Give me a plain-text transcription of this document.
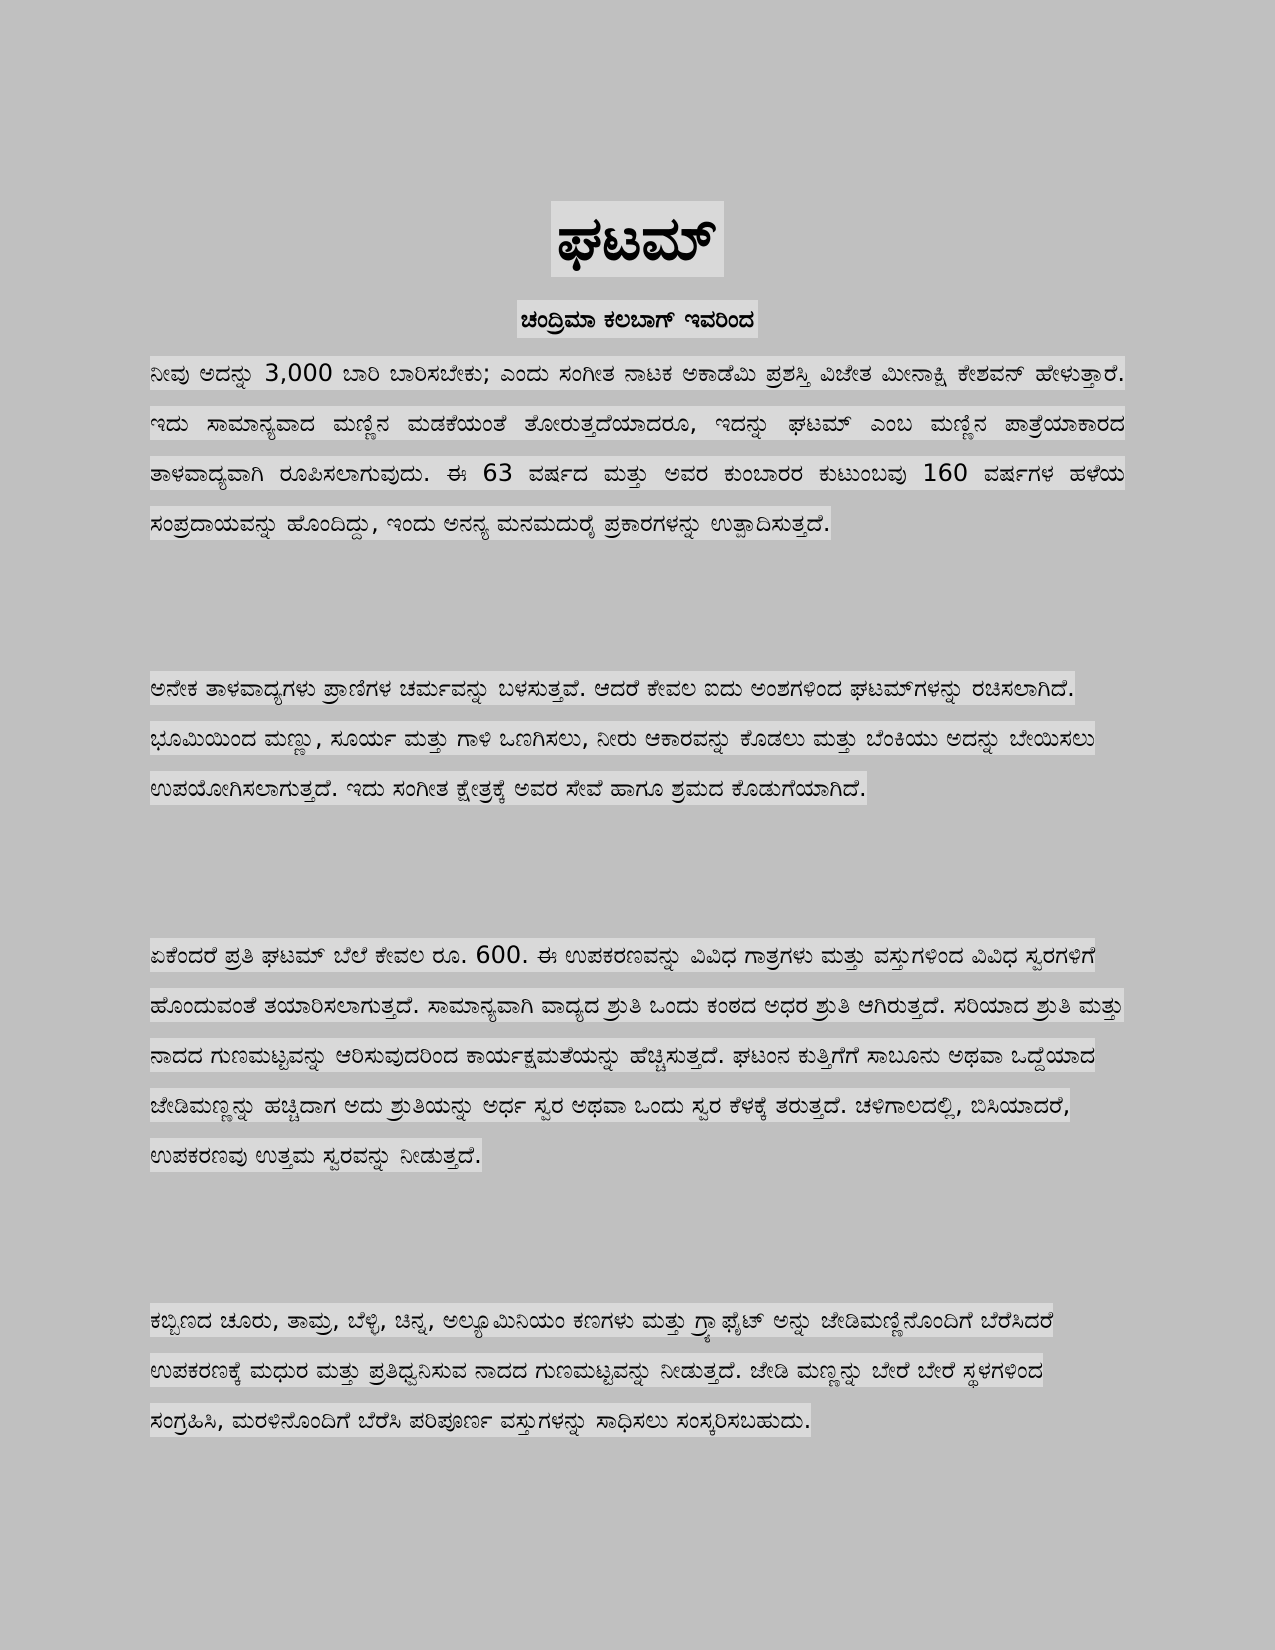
ಘಟಮ್
ಚಂದ್ರಿಮಾ ಕಲಬಾಗ್ ಇವರಿಂದ

ನೀವು ಅದನ್ನು 3,000 ಬಾರಿ ಬಾರಿಸಬೇಕು; ಎಂದು ಸಂಗೀತ ನಾಟಕ ಅಕಾಡೆಮಿ ಪ್ರಶಸ್ತಿ ವಿಜೇತ ಮೀನಾಕ್ಷಿ ಕೇಶವನ್ ಹೇಳುತ್ತಾರೆ. ಇದು ಸಾಮಾನ್ಯವಾದ ಮಣ್ಣಿನ ಮಡಕೆಯಂತೆ ತೋರುತ್ತದೆಯಾದರೂ, ಇದನ್ನು ಘಟಮ್ ಎಂಬ ಮಣ್ಣಿನ ಪಾತ್ರೆಯಾಕಾರದ ತಾಳವಾದ್ಯವಾಗಿ ರೂಪಿಸಲಾಗುವುದು. ಈ 63 ವರ್ಷದ ಮತ್ತು ಅವರ ಕುಂಬಾರರ ಕುಟುಂಬವು 160 ವರ್ಷಗಳ ಹಳೆಯ ಸಂಪ್ರದಾಯವನ್ನು ಹೊಂದಿದ್ದು, ಇಂದು ಅನನ್ಯ ಮನಮದುರೈ ಪ್ರಕಾರಗಳನ್ನು ಉತ್ಪಾದಿಸುತ್ತದೆ.

ಅನೇಕ ತಾಳವಾದ್ಯಗಳು ಪ್ರಾಣಿಗಳ ಚರ್ಮವನ್ನು ಬಳಸುತ್ತವೆ. ಆದರೆ ಕೇವಲ ಐದು ಅಂಶಗಳಿಂದ ಘಟಮ್‌ಗಳನ್ನು ರಚಿಸಲಾಗಿದೆ. ಭೂಮಿಯಿಂದ ಮಣ್ಣು, ಸೂರ್ಯ ಮತ್ತು ಗಾಳಿ ಒಣಗಿಸಲು, ನೀರು ಆಕಾರವನ್ನು ಕೊಡಲು ಮತ್ತು ಬೆಂಕಿಯು ಅದನ್ನು ಬೇಯಿಸಲು ಉಪಯೋಗಿಸಲಾಗುತ್ತದೆ. ಇದು ಸಂಗೀತ ಕ್ಷೇತ್ರಕ್ಕೆ ಅವರ ಸೇವೆ ಹಾಗೂ ಶ್ರಮದ ಕೊಡುಗೆಯಾಗಿದೆ.

ಏಕೆಂದರೆ ಪ್ರತಿ ಘಟಮ್ ಬೆಲೆ ಕೇವಲ ರೂ. 600. ಈ ಉಪಕರಣವನ್ನು ವಿವಿಧ ಗಾತ್ರಗಳು ಮತ್ತು ವಸ್ತುಗಳಿಂದ ವಿವಿಧ ಸ್ವರಗಳಿಗೆ ಹೊಂದುವಂತೆ ತಯಾರಿಸಲಾಗುತ್ತದೆ. ಸಾಮಾನ್ಯವಾಗಿ ವಾದ್ಯದ ಶ್ರುತಿ ಒಂದು ಕಂಠದ ಅಧರ ಶ್ರುತಿ ಆಗಿರುತ್ತದೆ. ಸರಿಯಾದ ಶ್ರುತಿ ಮತ್ತು ನಾದದ ಗುಣಮಟ್ಟವನ್ನು ಆರಿಸುವುದರಿಂದ ಕಾರ್ಯಕ್ಷಮತೆಯನ್ನು ಹೆಚ್ಚಿಸುತ್ತದೆ. ಘಟಂನ ಕುತ್ತಿಗೆಗೆ ಸಾಬೂನು ಅಥವಾ ಒದ್ದೆಯಾದ ಜೇಡಿಮಣ್ಣನ್ನು ಹಚ್ಚಿದಾಗ ಅದು ಶ್ರುತಿಯನ್ನು ಅರ್ಧ ಸ್ವರ ಅಥವಾ ಒಂದು ಸ್ವರ ಕೆಳಕ್ಕೆ ತರುತ್ತದೆ. ಚಳಿಗಾಲದಲ್ಲಿ, ಬಿಸಿಯಾದರೆ, ಉಪಕರಣವು ಉತ್ತಮ ಸ್ವರವನ್ನು ನೀಡುತ್ತದೆ.

ಕಬ್ಬಿಣದ ಚೂರು, ತಾಮ್ರ, ಬೆಳ್ಳಿ, ಚಿನ್ನ, ಅಲ್ಯೂಮಿನಿಯಂ ಕಣಗಳು ಮತ್ತು ಗ್ರ್ಯಾಫೈಟ್ ಅನ್ನು ಜೇಡಿಮಣ್ಣಿನೊಂದಿಗೆ ಬೆರೆಸಿದರೆ ಉಪಕರಣಕ್ಕೆ ಮಧುರ ಮತ್ತು ಪ್ರತಿಧ್ವನಿಸುವ ನಾದದ ಗುಣಮಟ್ಟವನ್ನು ನೀಡುತ್ತದೆ. ಜೇಡಿ ಮಣ್ಣನ್ನು ಬೇರೆ ಬೇರೆ ಸ್ಥಳಗಳಿಂದ ಸಂಗ್ರಹಿಸಿ, ಮರಳಿನೊಂದಿಗೆ ಬೆರೆಸಿ ಪರಿಪೂರ್ಣ ವಸ್ತುಗಳನ್ನು ಸಾಧಿಸಲು ಸಂಸ್ಕರಿಸಬಹುದು.
